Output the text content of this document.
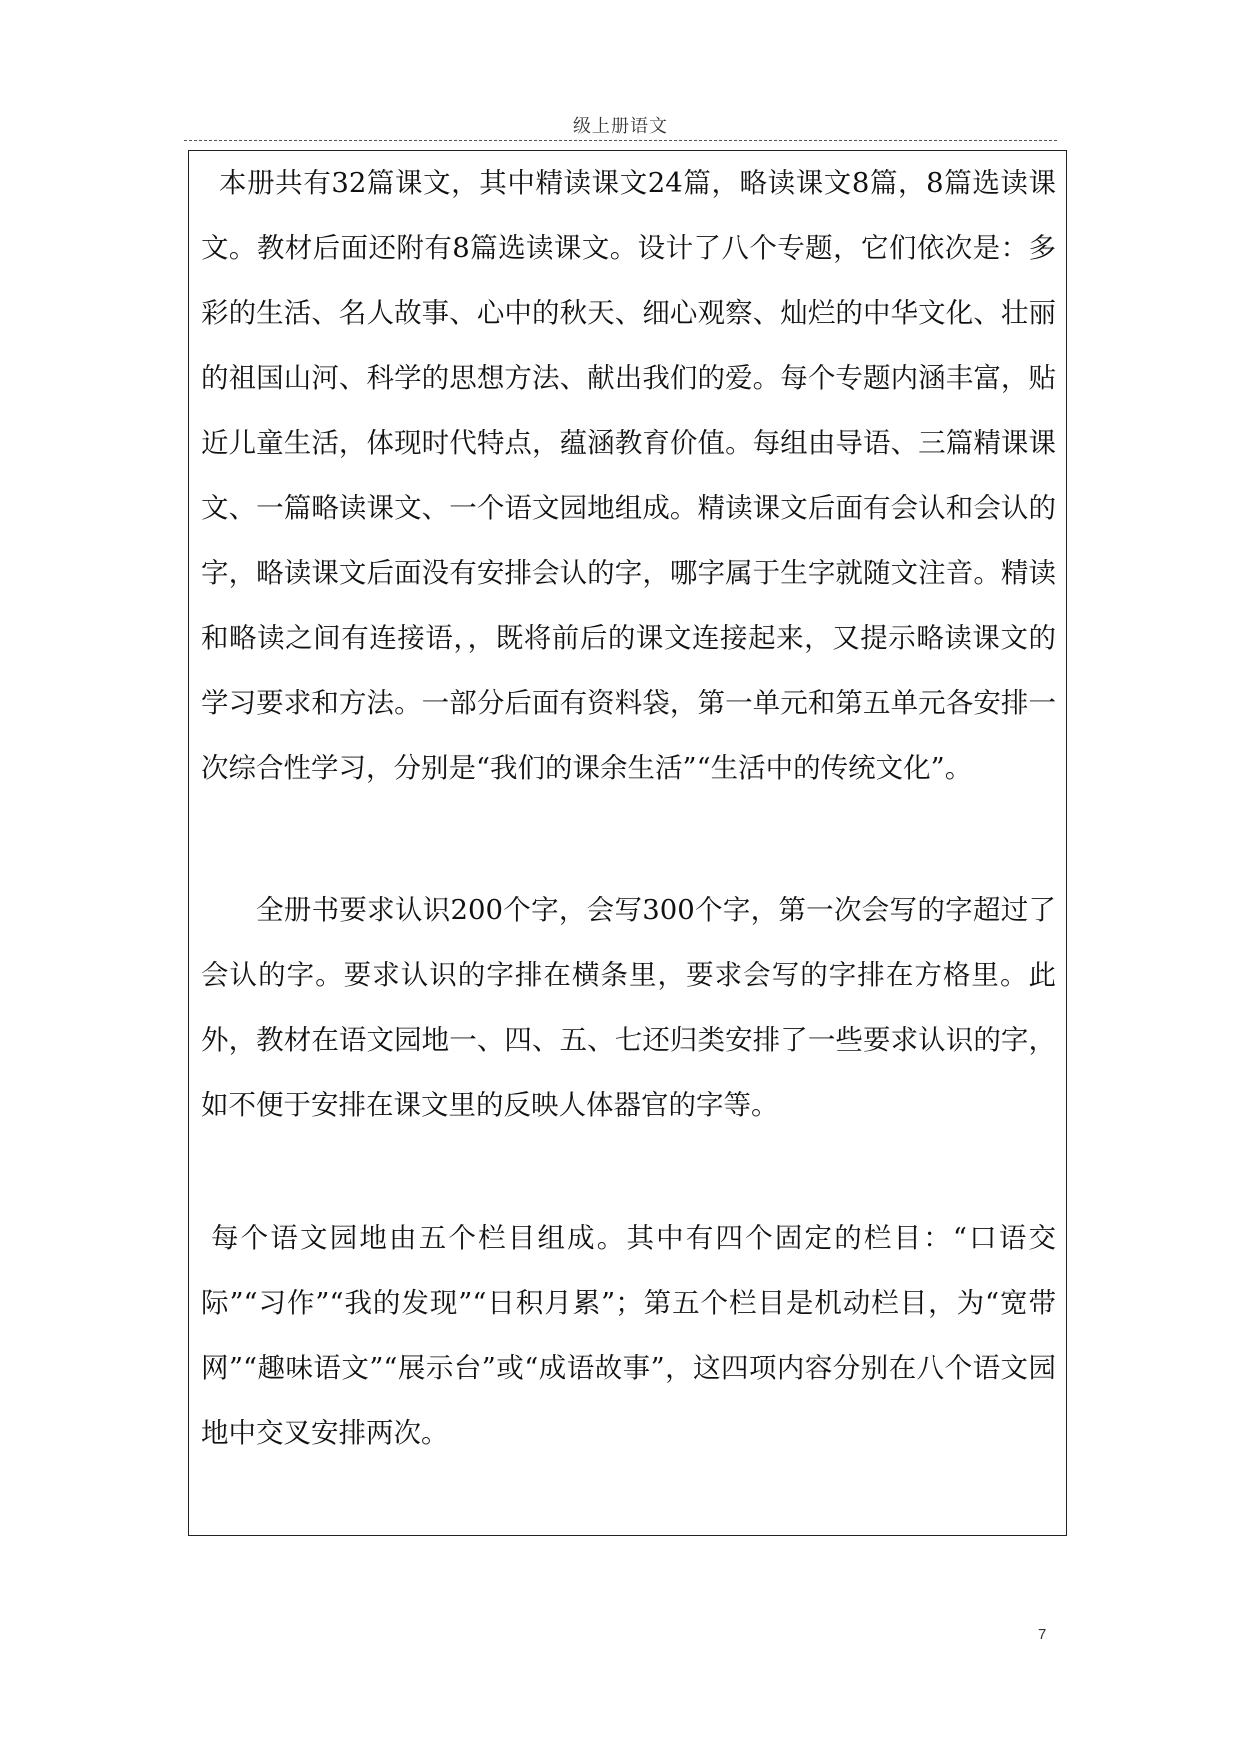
级上册语文

本册共有32篇课文，其中精读课文24篇，略读课文8篇，8篇选读课文。教材后面还附有8篇选读课文。设计了八个专题，它们依次是：多彩的生活、名人故事、心中的秋天、细心观察、灿烂的中华文化、壮丽的祖国山河、科学的思想方法、献出我们的爱。每个专题内涵丰富，贴近儿童生活，体现时代特点，蕴涵教育价值。每组由导语、三篇精课课文、一篇略读课文、一个语文园地组成。精读课文后面有会认和会认的字，略读课文后面没有安排会认的字，哪字属于生字就随文注音。精读和略读之间有连接语，，既将前后的课文连接起来，又提示略读课文的学习要求和方法。一部分后面有资料袋，第一单元和第五单元各安排一次综合性学习，分别是“我们的课余生活”“生活中的传统文化”。

全册书要求认识200个字，会写300个字，第一次会写的字超过了会认的字。要求认识的字排在横条里，要求会写的字排在方格里。此外，教材在语文园地一、四、五、七还归类安排了一些要求认识的字，如不便于安排在课文里的反映人体器官的字等。

每个语文园地由五个栏目组成。其中有四个固定的栏目：“口语交际”“习作”“我的发现”“日积月累”；第五个栏目是机动栏目，为“宽带网”“趣味语文”“展示台”或“成语故事”，这四项内容分别在八个语文园地中交叉安排两次。

7
